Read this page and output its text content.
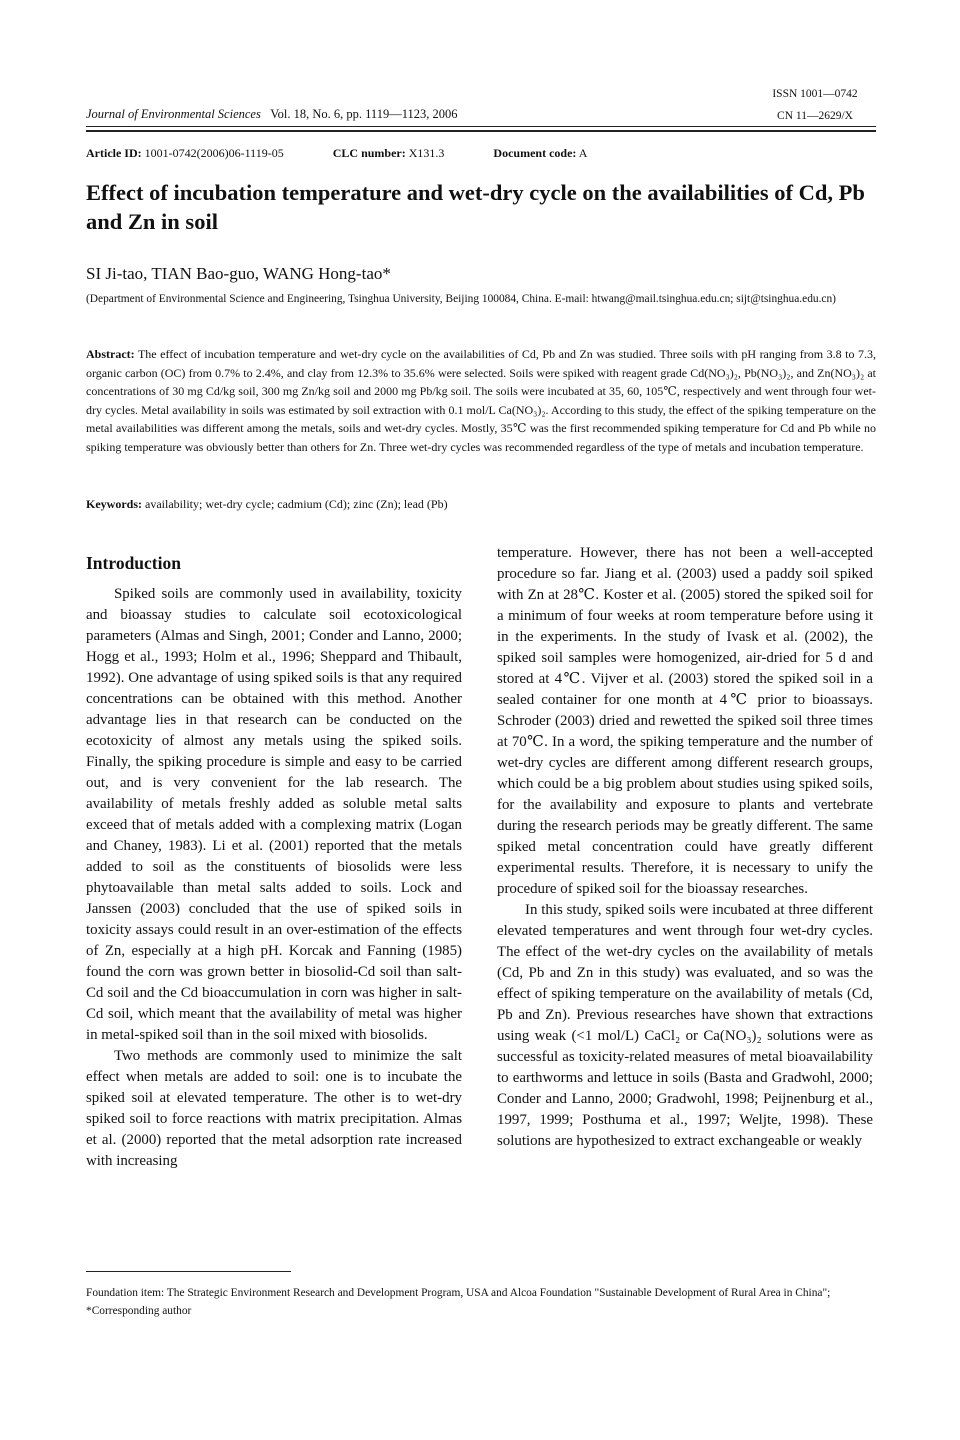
ISSN 1001—0742
CN 11—2629/X
Journal of Environmental Sciences Vol. 18, No. 6, pp. 1119—1123, 2006
Article ID: 1001-0742(2006)06-1119-05	CLC number: X131.3	Document code: A
Effect of incubation temperature and wet-dry cycle on the availabilities of Cd, Pb and Zn in soil
SI Ji-tao, TIAN Bao-guo, WANG Hong-tao*
(Department of Environmental Science and Engineering, Tsinghua University, Beijing 100084, China. E-mail: htwang@mail.tsinghua.edu.cn; sijt@tsinghua.edu.cn)

Abstract: The effect of incubation temperature and wet-dry cycle on the availabilities of Cd, Pb and Zn was studied. Three soils with pH ranging from 3.8 to 7.3, organic carbon (OC) from 0.7% to 2.4%, and clay from 12.3% to 35.6% were selected. Soils were spiked with reagent grade Cd(NO₃)₂, Pb(NO₃)₂, and Zn(NO₃)₂ at concentrations of 30 mg Cd/kg soil, 300 mg Zn/kg soil and 2000 mg Pb/kg soil. The soils were incubated at 35, 60, 105℃, respectively and went through four wet-dry cycles. Metal availability in soils was estimated by soil extraction with 0.1 mol/L Ca(NO₃)₂. According to this study, the effect of the spiking temperature on the metal availabilities was different among the metals, soils and wet-dry cycles. Mostly, 35℃ was the first recommended spiking temperature for Cd and Pb while no spiking temperature was obviously better than others for Zn. Three wet-dry cycles was recommended regardless of the type of metals and incubation temperature.

Keywords: availability; wet-dry cycle; cadmium (Cd); zinc (Zn); lead (Pb)
Introduction

Spiked soils are commonly used in availability, toxicity and bioassay studies to calculate soil ecotoxicological parameters (Almas and Singh, 2001; Conder and Lanno, 2000; Hogg et al., 1993; Holm et al., 1996; Sheppard and Thibault, 1992). One advantage of using spiked soils is that any required concentrations can be obtained with this method. Another advantage lies in that research can be conducted on the ecotoxicity of almost any metals using the spiked soils. Finally, the spiking procedure is simple and easy to be carried out, and is very convenient for the lab research. The availability of metals freshly added as soluble metal salts exceed that of metals added with a complexing matrix (Logan and Chaney, 1983). Li et al. (2001) reported that the metals added to soil as the constituents of biosolids were less phytoavailable than metal salts added to soils. Lock and Janssen (2003) concluded that the use of spiked soils in toxicity assays could result in an over-estimation of the effects of Zn, especially at a high pH. Korcak and Fanning (1985) found the corn was grown better in biosolid-Cd soil than salt-Cd soil and the Cd bioaccumulation in corn was higher in salt-Cd soil, which meant that the availability of metal was higher in metal-spiked soil than in the soil mixed with biosolids.

Two methods are commonly used to minimize the salt effect when metals are added to soil: one is to incubate the spiked soil at elevated temperature. The other is to wet-dry spiked soil to force reactions with matrix precipitation. Almas et al. (2000) reported that the metal adsorption rate increased with increasing

temperature. However, there has not been a well-accepted procedure so far. Jiang et al. (2003) used a paddy soil spiked with Zn at 28℃. Koster et al. (2005) stored the spiked soil for a minimum of four weeks at room temperature before using it in the experiments. In the study of Ivask et al. (2002), the spiked soil samples were homogenized, air-dried for 5 d and stored at 4℃. Vijver et al. (2003) stored the spiked soil in a sealed container for one month at 4℃ prior to bioassays. Schroder (2003) dried and rewetted the spiked soil three times at 70℃. In a word, the spiking temperature and the number of wet-dry cycles are different among different research groups, which could be a big problem about studies using spiked soils, for the availability and exposure to plants and vertebrate during the research periods may be greatly different. The same spiked metal concentration could have greatly different experimental results. Therefore, it is necessary to unify the procedure of spiked soil for the bioassay researches.

In this study, spiked soils were incubated at three different elevated temperatures and went through four wet-dry cycles. The effect of the wet-dry cycles on the availability of metals (Cd, Pb and Zn in this study) was evaluated, and so was the effect of spiking temperature on the availability of metals (Cd, Pb and Zn). Previous researches have shown that extractions using weak (<1 mol/L) CaCl₂ or Ca(NO₃)₂ solutions were as successful as toxicity-related measures of metal bioavailability to earthworms and lettuce in soils (Basta and Gradwohl, 2000; Conder and Lanno, 2000; Gradwohl, 1998; Peijnenburg et al., 1997, 1999; Posthuma et al., 1997; Weljte, 1998). These solutions are hypothesized to extract exchangeable or weakly

Foundation item: The Strategic Environment Research and Development Program, USA and Alcoa Foundation "Sustainable Development of Rural Area in China"; *Corresponding author
